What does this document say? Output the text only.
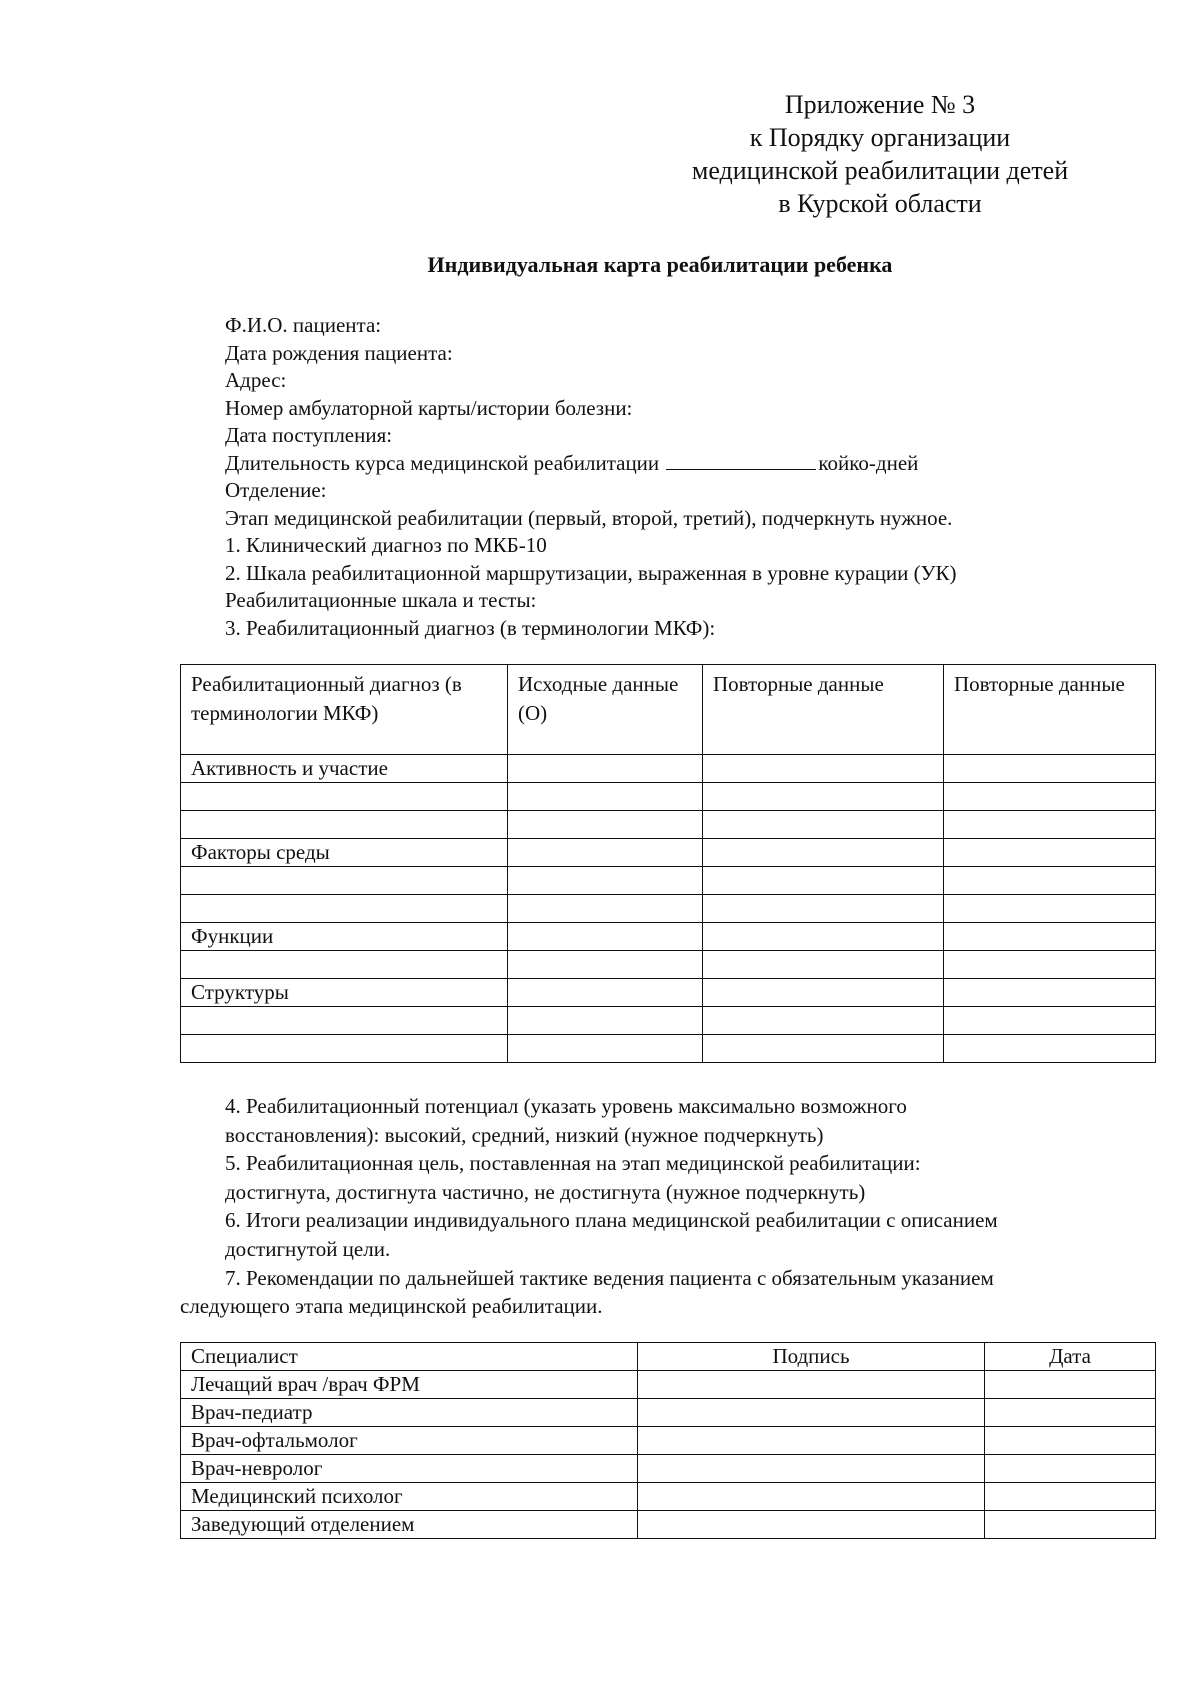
Приложение № 3
к Порядку организации
медицинской реабилитации детей
в Курской области
Индивидуальная карта реабилитации ребенка
Ф.И.О. пациента:
Дата рождения пациента:
Адрес:
Номер амбулаторной карты/истории болезни:
Дата поступления:
Длительность курса медицинской реабилитации	койко-дней
Отделение:
Этап медицинской реабилитации (первый, второй, третий), подчеркнуть нужное.
1. Клинический диагноз по МКБ-10
2. Шкала реабилитационной маршрутизации, выраженная в уровне курации (УК)
Реабилитационные шкала и тесты:
3. Реабилитационный диагноз (в терминологии МКФ):
Реабилитационный диагноз (в терминологии МКФ)	Исходные данные (О)	Повторные данные	Повторные данные
Активность и участие			

Факторы среды			

Функции			

Структуры			

4. Реабилитационный потенциал (указать уровень максимально возможного

восстановления): высокий, средний, низкий (нужное подчеркнуть)

5. Реабилитационная цель, поставленная на этап медицинской реабилитации:

достигнута, достигнута частично, не достигнута (нужное подчеркнуть)

6. Итоги реализации индивидуального плана медицинской реабилитации с описанием

достигнутой цели.

7. Рекомендации по дальнейшей тактике ведения пациента с обязательным указанием

следующего этапа медицинской реабилитации.

Специалист	Подпись	Дата
Лечащий врач /врач ФРМ		
Врач-педиатр		
Врач-офтальмолог		
Врач-невролог		
Медицинский психолог		
Заведующий отделением		
